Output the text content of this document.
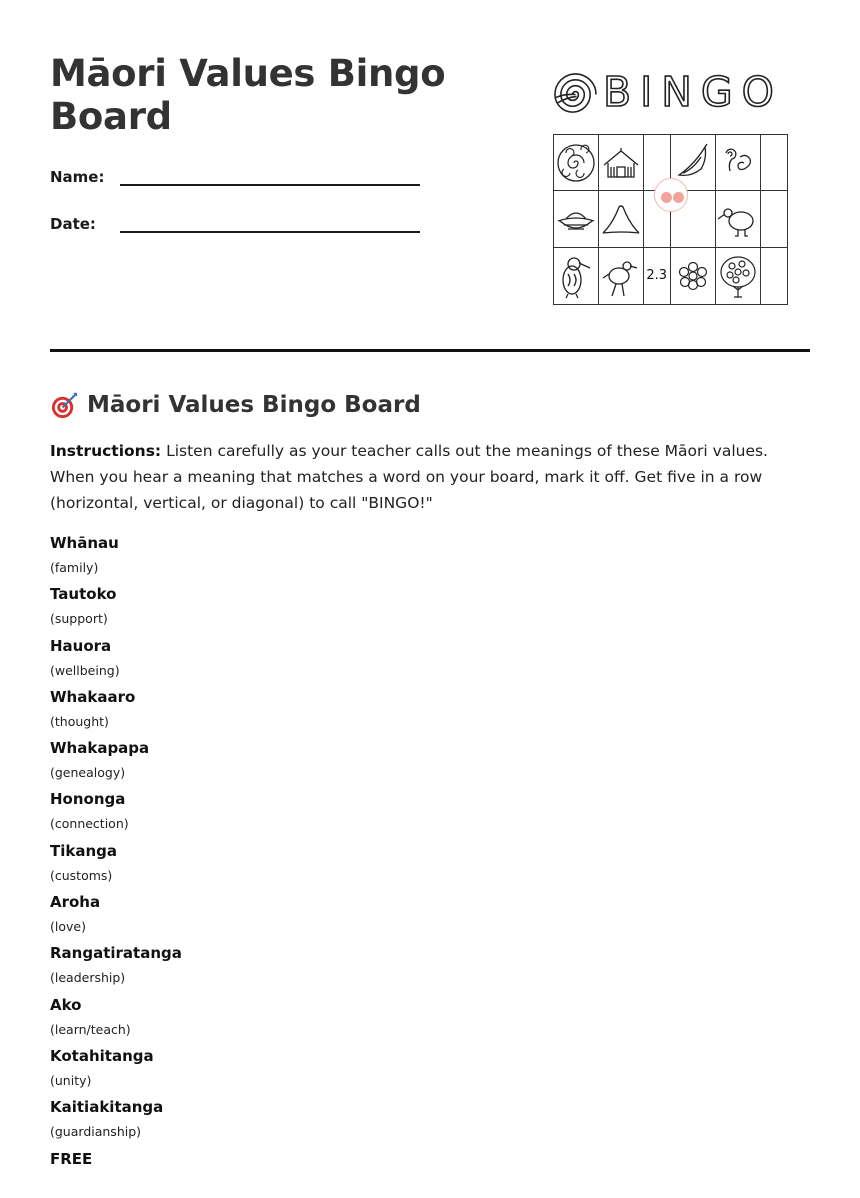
Māori Values Bingo Board
Name:
Date:
BINGO
2.3
Māori Values Bingo Board

Instructions: Listen carefully as your teacher calls out the meanings of these Māori values. When you hear a meaning that matches a word on your board, mark it off. Get five in a row (horizontal, vertical, or diagonal) to call "BINGO!"

Whānau
(family)
Tautoko
(support)
Hauora
(wellbeing)
Whakaaro
(thought)
Whakapapa
(genealogy)
Hononga
(connection)
Tikanga
(customs)
Aroha
(love)
Rangatiratanga
(leadership)
Ako
(learn/teach)
Kotahitanga
(unity)
Kaitiakitanga
(guardianship)
FREE
